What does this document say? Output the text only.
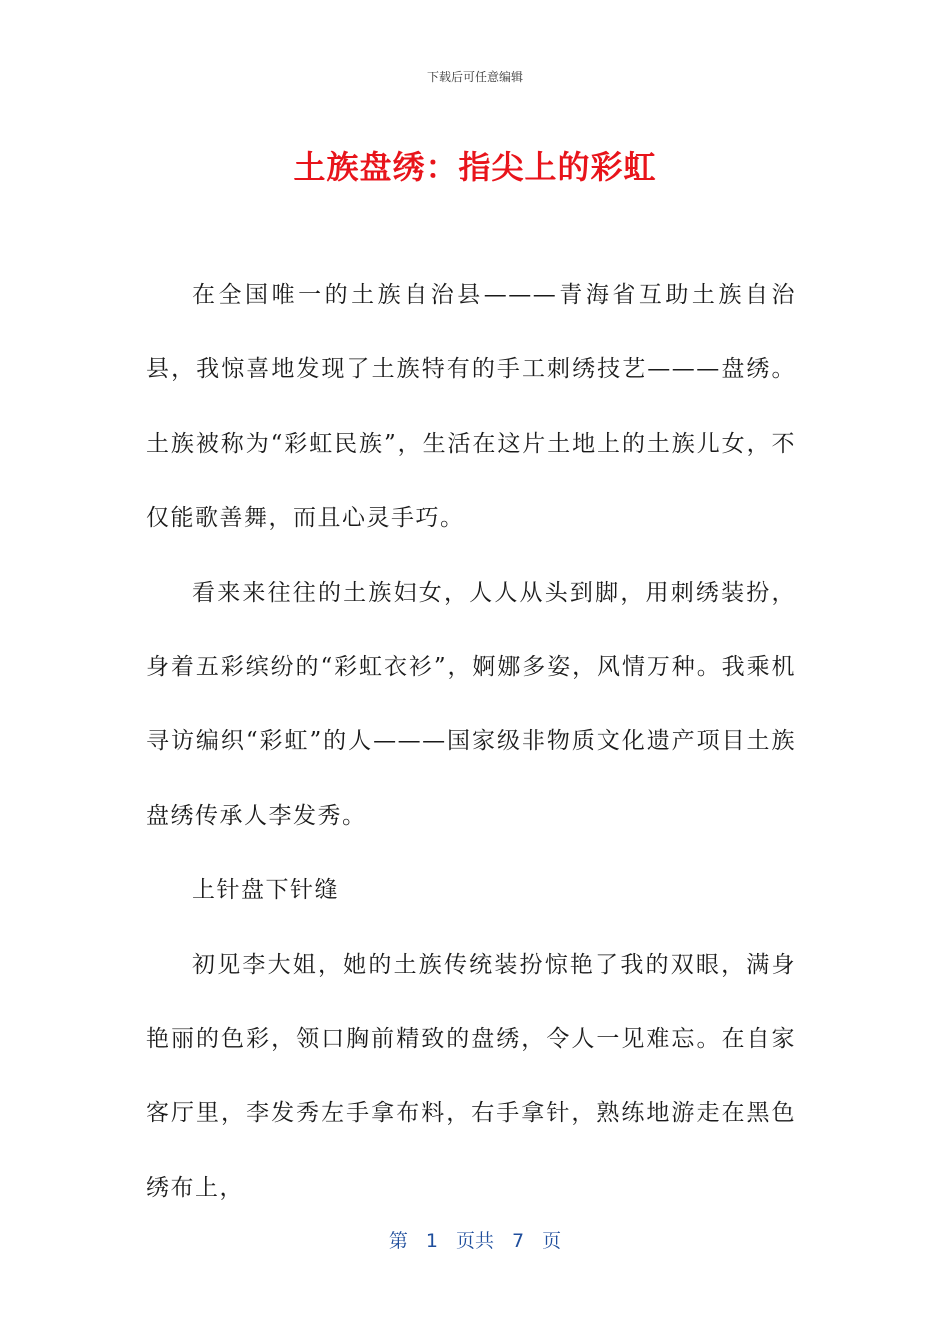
下载后可任意编辑
土族盘绣：指尖上的彩虹

在全国唯一的土族自治县———青海省互助土族自治县，我惊喜地发现了土族特有的手工刺绣技艺———盘绣。土族被称为“彩虹民族”，生活在这片土地上的土族儿女，不仅能歌善舞，而且心灵手巧。

看来来往往的土族妇女，人人从头到脚，用刺绣装扮，身着五彩缤纷的“彩虹衣衫”，婀娜多姿，风情万种。我乘机寻访编织“彩虹”的人———国家级非物质文化遗产项目土族盘绣传承人李发秀。

上针盘下针缝

初见李大姐，她的土族传统装扮惊艳了我的双眼，满身艳丽的色彩，领口胸前精致的盘绣，令人一见难忘。在自家客厅里，李发秀左手拿布料，右手拿针，熟练地游走在黑色绣布上，

第 1 页共 7 页
